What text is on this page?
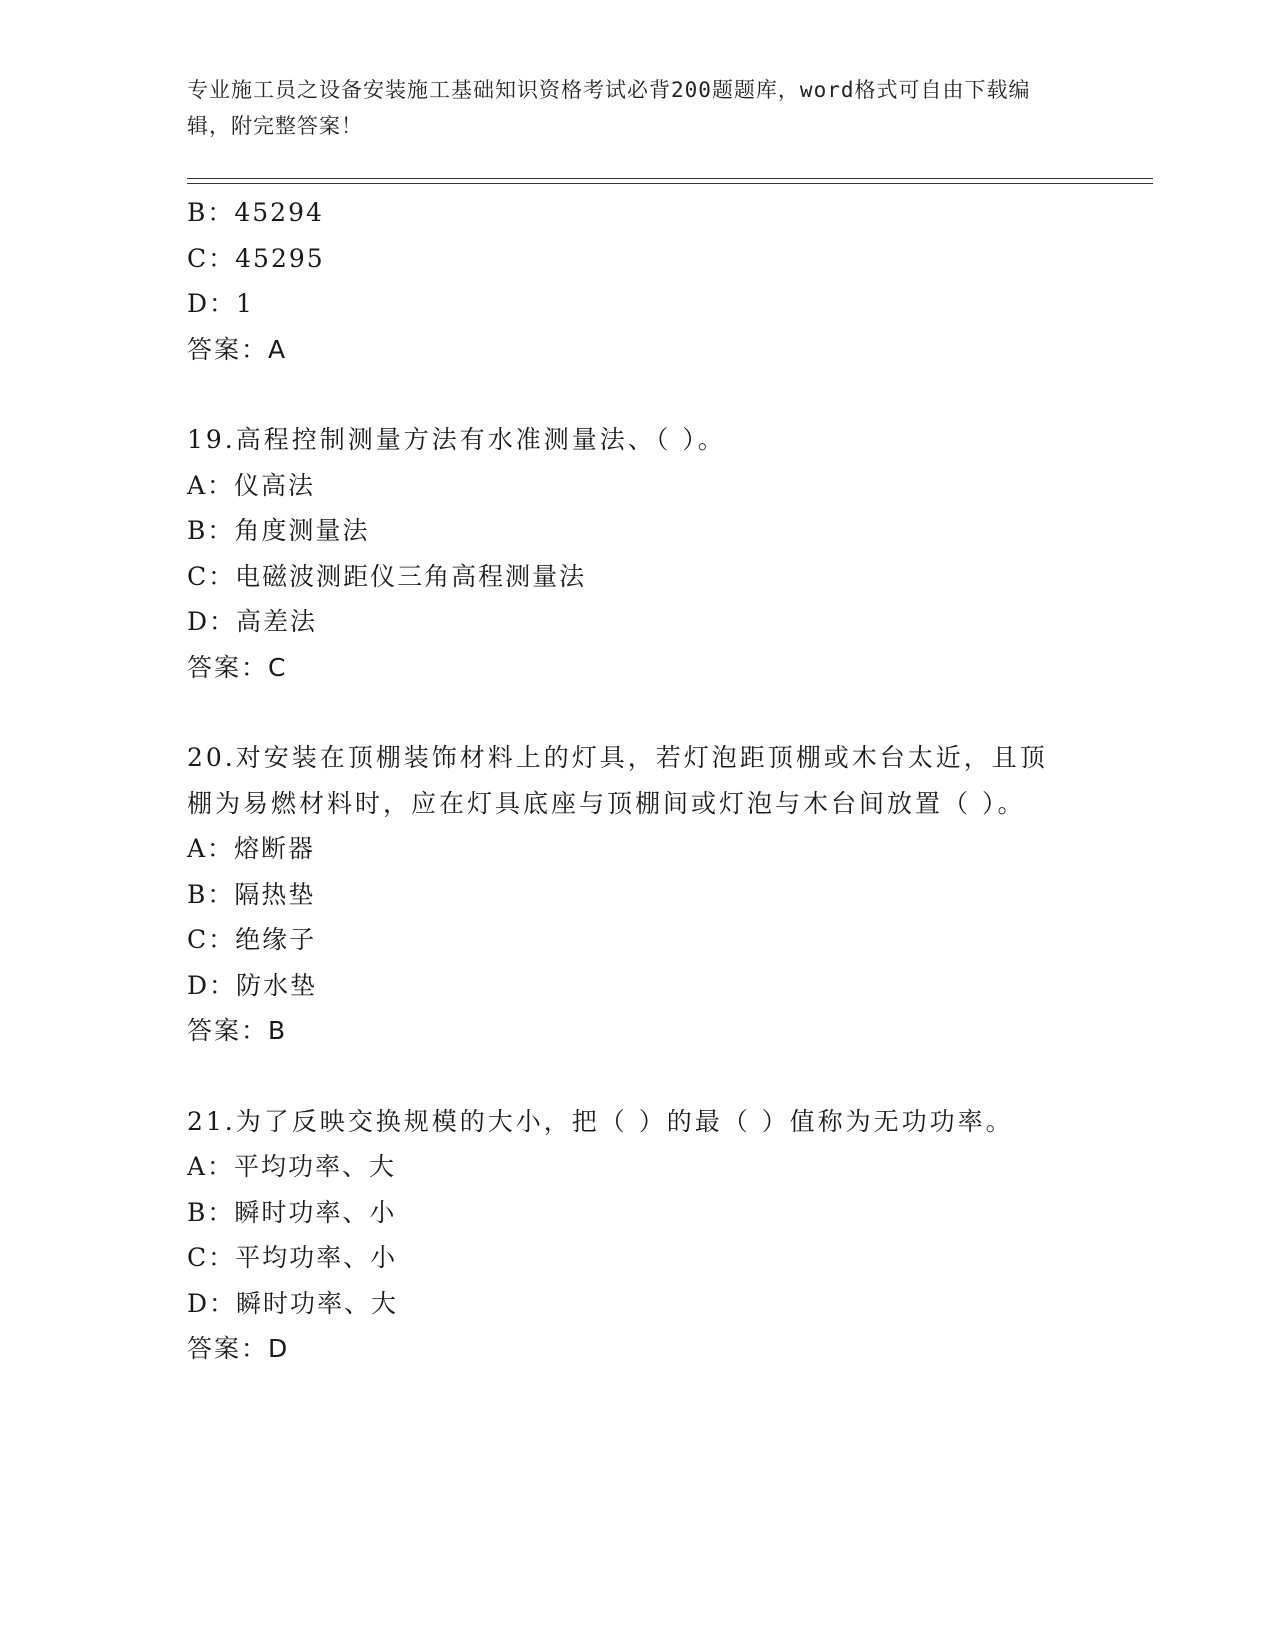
专业施工员之设备安装施工基础知识资格考试必背200题题库，word格式可自由下载编辑，附完整答案！
B：45294
C：45295
D：1
答案：A
19.高程控制测量方法有水准测量法、（ ）。
A：仪高法
B：角度测量法
C：电磁波测距仪三角高程测量法
D：高差法
答案：C
20.对安装在顶棚装饰材料上的灯具，若灯泡距顶棚或木台太近，且顶棚为易燃材料时，应在灯具底座与顶棚间或灯泡与木台间放置（ ）。
A：熔断器
B：隔热垫
C：绝缘子
D：防水垫
答案：B
21.为了反映交换规模的大小，把（ ）的最（ ）值称为无功功率。
A：平均功率、大
B：瞬时功率、小
C：平均功率、小
D：瞬时功率、大
答案：D
